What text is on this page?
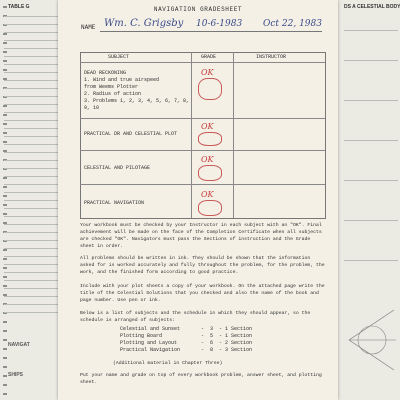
TABLE G
NAVIGAT
SHIPS
DS A CELESTIAL BODY
NAVIGATION GRADESHEET
NAME Wm. C. Grigsby 10-6-1983 Oct 22, 1983
SUBJECT	GRADE	INSTRUCTOR
DEAD RECKONING
1. Wind and true airspeed
from Weems Plotter
2. Radius of action
3. Problems 1, 2, 3, 4, 5, 6, 7, 8,
9, 10
PRACTICAL DR AND CELESTIAL PLOT
CELESTIAL AND PILOTAGE
PRACTICAL NAVIGATION
OK
OK
OK
OK
Your workbook must be checked by your Instructor in each subject with an "OK". Final achievement will be made on the face of the Completion Certificate when all subjects are checked "OK". Navigators must pass the Sections of instruction and the Grade sheet in order.
All problems should be written in ink. They should be shown that the information asked for is worked accurately and fully throughout the problem, for the problem, the work, and the finished form according to good practice.
Include with your plot sheets a copy of your workbook. On the attached page write the title of the Celestial Solutions that you checked and also the name of the book and page number. Use pen or ink.
Below is a list of subjects and the schedule in which they should appear, so the schedule is arranged of subjects:
Celestial and Sunset       -  3  - 1 Section
Plotting Board             -  5  - 1 Section
Plotting and Layout        -  6  - 2 Section
Practical Navigation       -  8  - 3 Section
(Additional material in Chapter Three)
Put your name and grade on top of every workbook problem, answer sheet, and plotting sheet.
